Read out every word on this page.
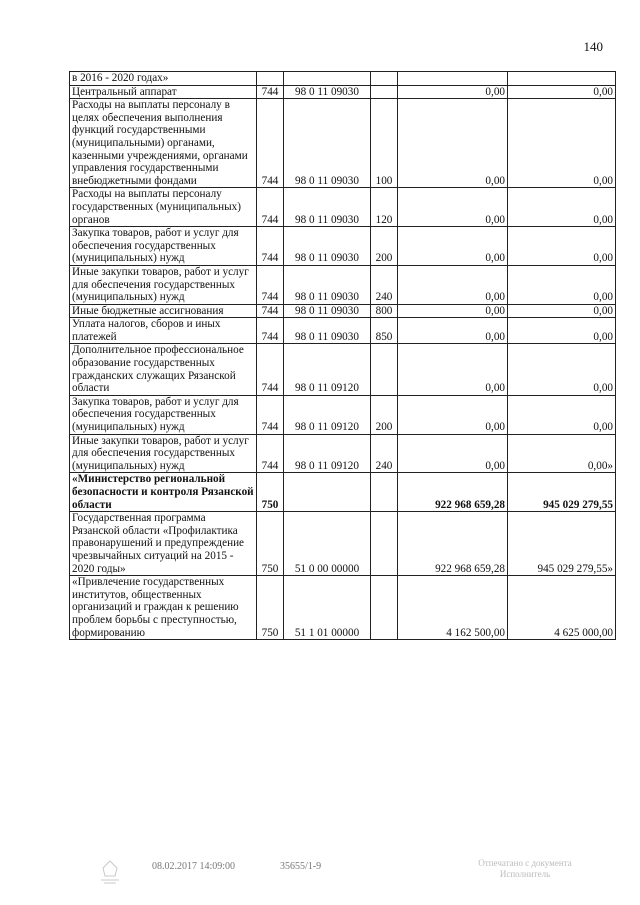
140
в 2016 - 2020 годах»					
Центральный аппарат	744	98 0 11 09030		0,00	0,00
Расходы на выплаты персоналу в целях обеспечения выполнения функций государственными (муниципальными) органами, казенными учреждениями, органами управления государственными внебюджетными фондами	744	98 0 11 09030	100	0,00	0,00
Расходы на выплаты персоналу государственных (муниципальных) органов	744	98 0 11 09030	120	0,00	0,00
Закупка товаров, работ и услуг для обеспечения государственных (муниципальных) нужд	744	98 0 11 09030	200	0,00	0,00
Иные закупки товаров, работ и услуг для обеспечения государственных (муниципальных) нужд	744	98 0 11 09030	240	0,00	0,00
Иные бюджетные ассигнования	744	98 0 11 09030	800	0,00	0,00
Уплата налогов, сборов и иных платежей	744	98 0 11 09030	850	0,00	0,00
Дополнительное профессиональное образование государственных гражданских служащих Рязанской области	744	98 0 11 09120		0,00	0,00
Закупка товаров, работ и услуг для обеспечения государственных (муниципальных) нужд	744	98 0 11 09120	200	0,00	0,00
Иные закупки товаров, работ и услуг для обеспечения государственных (муниципальных) нужд	744	98 0 11 09120	240	0,00	0,00»
«Министерство региональной безопасности и контроля Рязанской области	750			922 968 659,28	945 029 279,55
Государственная программа Рязанской области «Профилактика правонарушений и предупреждение чрезвычайных ситуаций на 2015 - 2020 годы»	750	51 0 00 00000		922 968 659,28	945 029 279,55»
«Привлечение государственных институтов, общественных организаций и граждан к решению проблем борьбы с преступностью, формированию	750	51 1 01 00000		4 162 500,00	4 625 000,00
08.02.2017 14:09:00	35655/1-9	Отпечатано с документа
Исполнитель
